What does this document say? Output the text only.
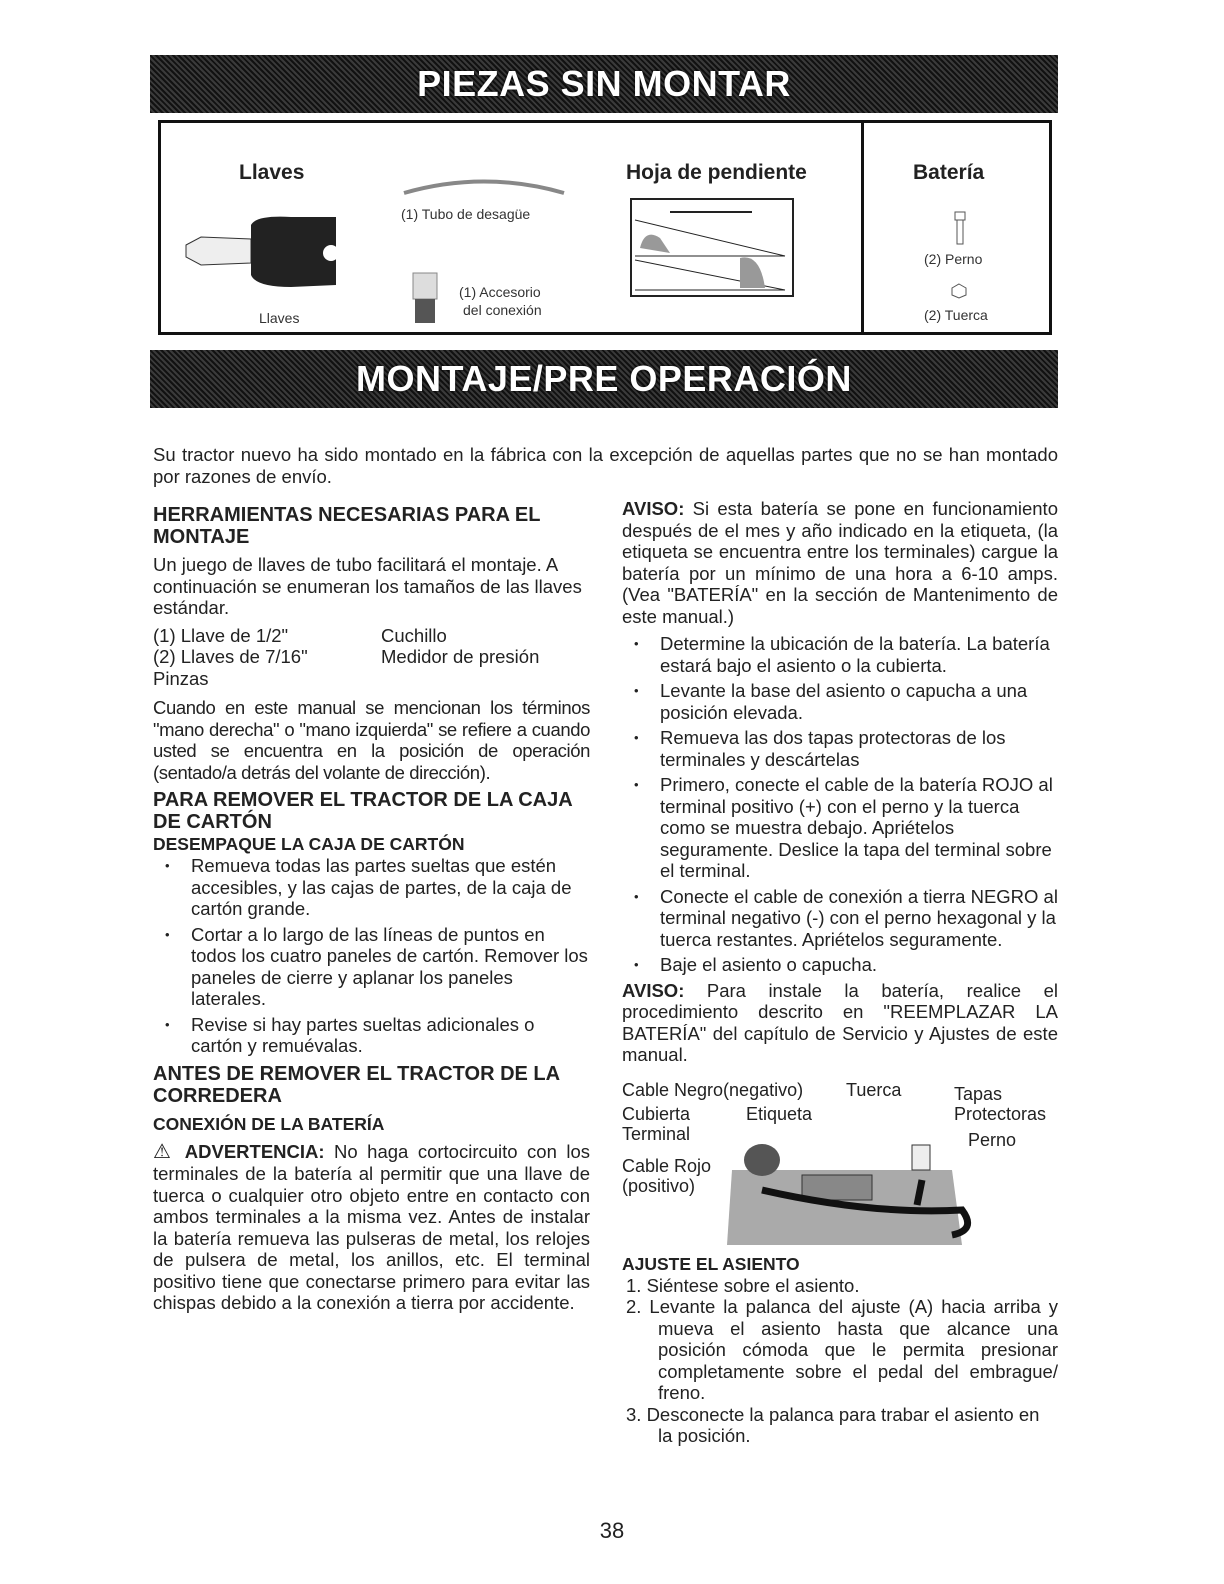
PIEZAS SIN MONTAR
Llaves
Llaves
(1) Tubo de desagüe
(1) Accesorio
del conexión
Hoja de pendiente	Batería
(2) Perno
(2) Tuerca
MONTAJE/PRE OPERACIÓN
Su tractor nuevo ha sido montado en la fábrica con la excepción de aquellas partes que no se han montado por razones de envío.
HERRAMIENTAS NECESARIAS PARA EL MONTAJE

Un juego de llaves de tubo facilitará el montaje. A continuación se enumeran los tamaños de las llaves estándar.

(1) Llave de 1/2"	Cuchillo
(2) Llaves de 7/16"	Medidor de presión
Pinzas

Cuando en este manual se mencionan los términos "mano derecha" o "mano izquierda" se refiere a cuando usted se encuentra en la posición de operación (sentado/a detrás del volante de dirección).

PARA REMOVER EL TRACTOR DE LA CAJA DE CARTÓN
DESEMPAQUE LA CAJA DE CARTÓN
• Remueva todas las partes sueltas que estén accesibles, y las cajas de partes, de la caja de cartón grande.
• Cortar a lo largo de las líneas de puntos en todos los cuatro paneles de cartón. Remover los paneles de cierre y aplanar los paneles laterales.
• Revise si hay partes sueltas adicionales o cartón y remuévalas.
ANTES DE REMOVER EL TRACTOR DE LA CORREDERA
CONEXIÓN DE LA BATERÍA

⚠ ADVERTENCIA: No haga cortocircuito con los terminales de la batería al permitir que una llave de tuerca o cualquier otro objeto entre en contacto con ambos terminales a la misma vez. Antes de instalar la batería remueva las pulseras de metal, los relojes de pulsera de metal, los anillos, etc. El terminal positivo tiene que conectarse primero para evitar las chispas debido a la conexión a tierra por accidente.

AVISO: Si esta batería se pone en funcionamiento después de el mes y año indicado en la etiqueta, (la etiqueta se encuentra entre los terminales) cargue la batería por un mínimo de una hora a 6-10 amps.(Vea "BATERÍA" en la sección de Mantenimento de este manual.)

• Determine la ubicación de la batería. La batería estará bajo el asiento o la cubierta.
• Levante la base del asiento o capucha a una posición elevada.
• Remueva las dos tapas protectoras de los terminales y descártelas
• Primero, conecte el cable de la batería ROJO al terminal positivo (+) con el perno y la tuerca como se muestra debajo. Apriételos seguramente. Deslice la tapa del terminal sobre el terminal.
• Conecte el cable de conexión a tierra NEGRO al terminal negativo (-) con el perno hexagonal y la tuerca restantes. Apriételos seguramente.
• Baje el asiento o capucha.

AVISO: Para instale la batería, realice el procedimiento descrito en "REEMPLAZAR LA BATERÍA" del capítulo de Servicio y Ajustes de este manual.

Cable Negro(negativo) Tuerca	Tapas
Protectoras
Cubierta
Terminal
Etiqueta
Perno
Cable Rojo
(positivo)
AJUSTE EL ASIENTO
1. Siéntese sobre el asiento.
2. Levante la palanca del ajuste (A) hacia arriba y mueva el asiento hasta que alcance una posición cómoda que le permita presionar completamente sobre el pedal del embrague/ freno.
3. Desconecte la palanca para trabar el asiento en la posición.
38
